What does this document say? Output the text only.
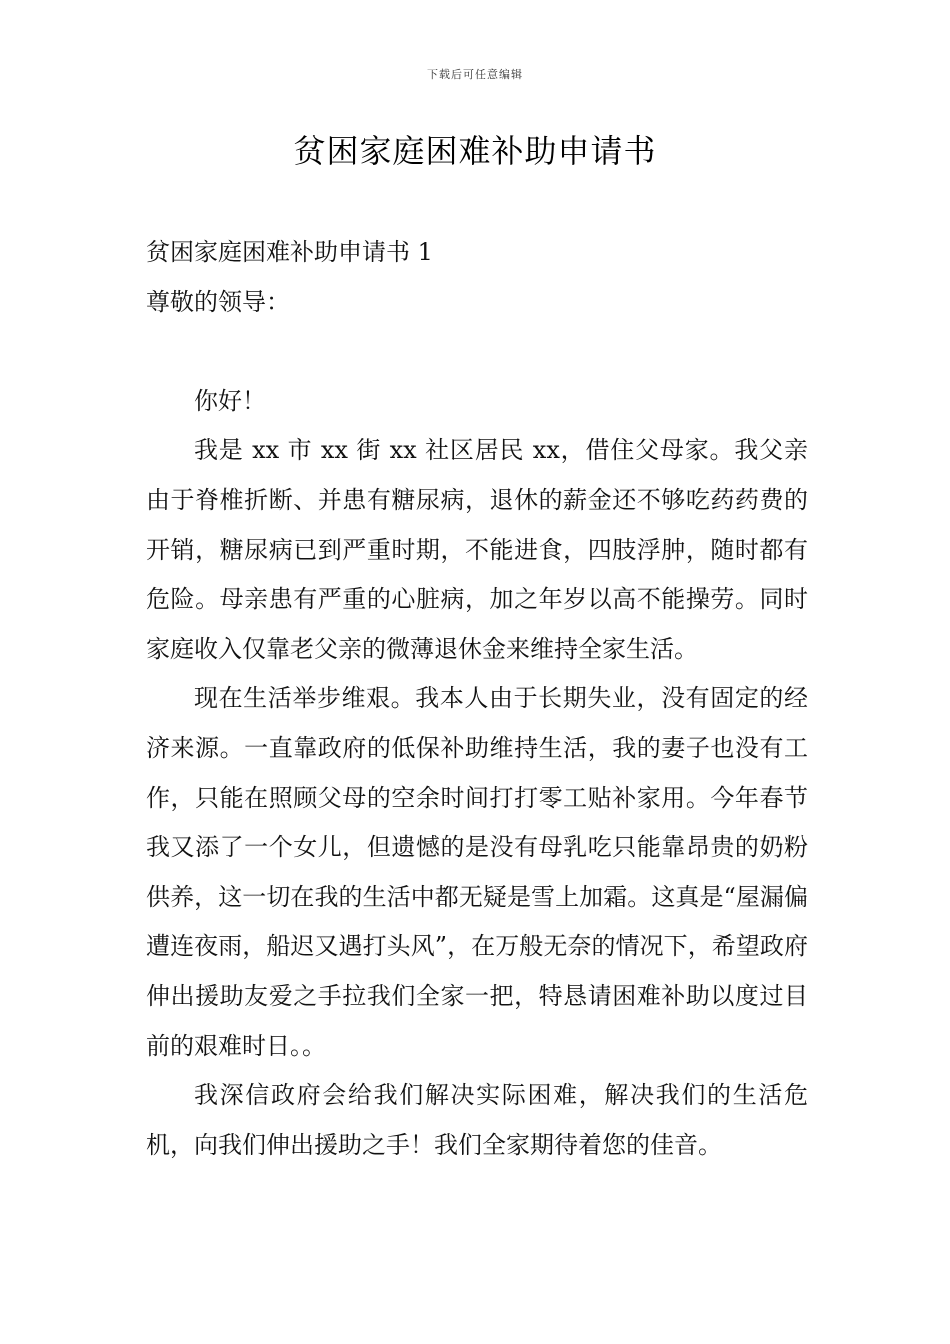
下载后可任意编辑
贫困家庭困难补助申请书

贫困家庭困难补助申请书 1

尊敬的领导：

你好！

我是 xx 市 xx 街 xx 社区居民 xx，借住父母家。我父亲由于脊椎折断、并患有糖尿病，退休的薪金还不够吃药药费的开销，糖尿病已到严重时期，不能进食，四肢浮肿，随时都有危险。母亲患有严重的心脏病，加之年岁以高不能操劳。同时家庭收入仅靠老父亲的微薄退休金来维持全家生活。

现在生活举步维艰。我本人由于长期失业，没有固定的经济来源。一直靠政府的低保补助维持生活，我的妻子也没有工作，只能在照顾父母的空余时间打打零工贴补家用。今年春节我又添了一个女儿，但遗憾的是没有母乳吃只能靠昂贵的奶粉供养，这一切在我的生活中都无疑是雪上加霜。这真是“屋漏偏遭连夜雨，船迟又遇打头风”，在万般无奈的情况下，希望政府伸出援助友爱之手拉我们全家一把，特恳请困难补助以度过目前的艰难时日。。

我深信政府会给我们解决实际困难，解决我们的生活危机，向我们伸出援助之手！我们全家期待着您的佳音。
